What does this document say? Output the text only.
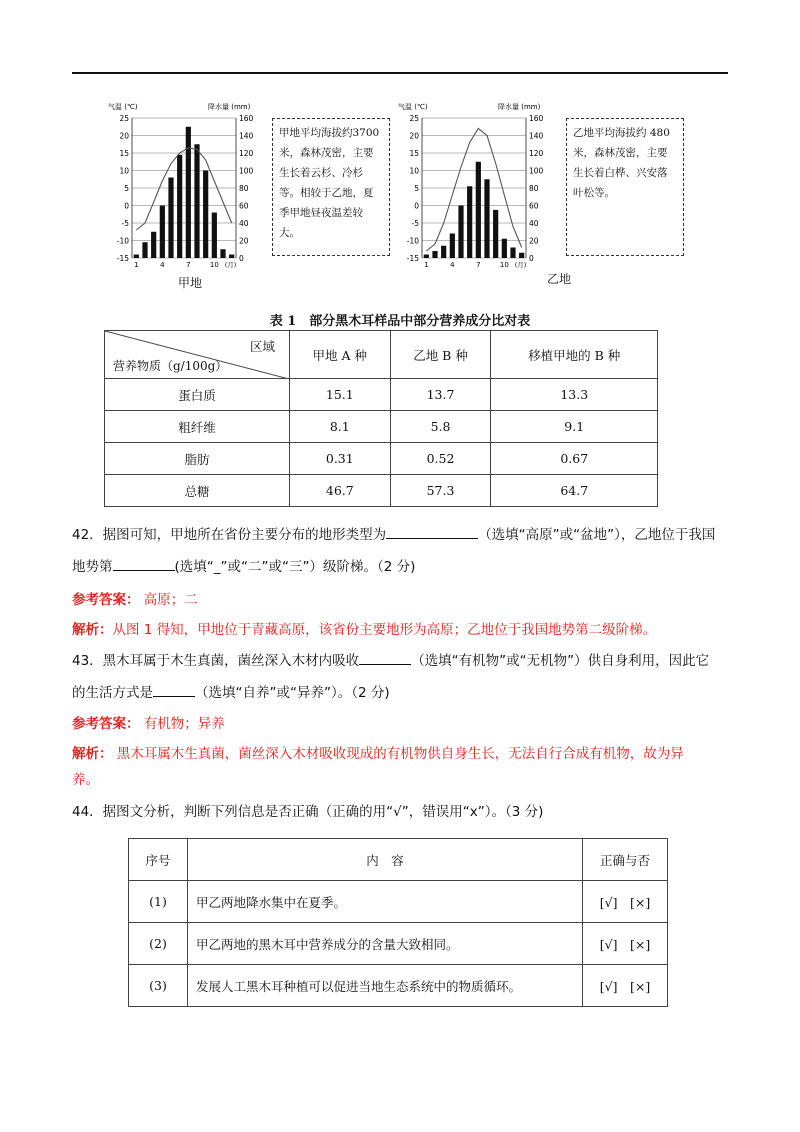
气温 (℃)	降水量 (mm)
25	160
20	140
15	120
10	100
5	80
0	60
-5	40
-10	20
-15	0
1	4	7	10 (月)
甲地平均海拔约3700米，森林茂密，主要生长着云杉、冷杉等。相较于乙地，夏季甲地昼夜温差较大。
甲地
气温 (℃)	降水量 (mm)
25	160
20	140
15	120
10	100
5	80
0	60
-5	40
-10	20
-15	0
1	4	7	10 (月)
乙地平均海拔约 480米，森林茂密，主要生长着白桦、兴安落叶松等。
乙地
表 1　部分黑木耳样品中部分营养成分比对表
区域
营养物质（g/100g）	甲地 A 种	乙地 B 种	移植甲地的 B 种
蛋白质	15.1	13.7	13.3
粗纤维	8.1	5.8	9.1
脂肪	0.31	0.52	0.67
总糖	46.7	57.3	64.7
42．据图可知，甲地所在省份主要分布的地形类型为	（选填“高原”或“盆地”），乙地位于我国
地势第	(选填“_”或“二”或“三”）级阶梯。（2 分)
参考答案： 高原；二
解析：从图 1 得知，甲地位于青藏高原，该省份主要地形为高原；乙地位于我国地势第二级阶梯。
43．黑木耳属于木生真菌，菌丝深入木材内吸收	（选填“有机物”或“无机物”）供自身利用，因此它
的生活方式是	（选填“自养”或“异养”）。（2 分)
参考答案： 有机物；异养
解析： 黑木耳属木生真菌，菌丝深入木材吸收现成的有机物供自身生长，无法自行合成有机物，故为异
养。
44．据图文分析，判断下列信息是否正确（正确的用“√”，错误用“x”）。（3 分)
序号	内　容	正确与否
(1)	甲乙两地降水集中在夏季。	[√]　[×]
(2)	甲乙两地的黑木耳中营养成分的含量大致相同。	[√]　[×]
(3)	发展人工黑木耳种植可以促进当地生态系统中的物质循环。	[√]　[×]
